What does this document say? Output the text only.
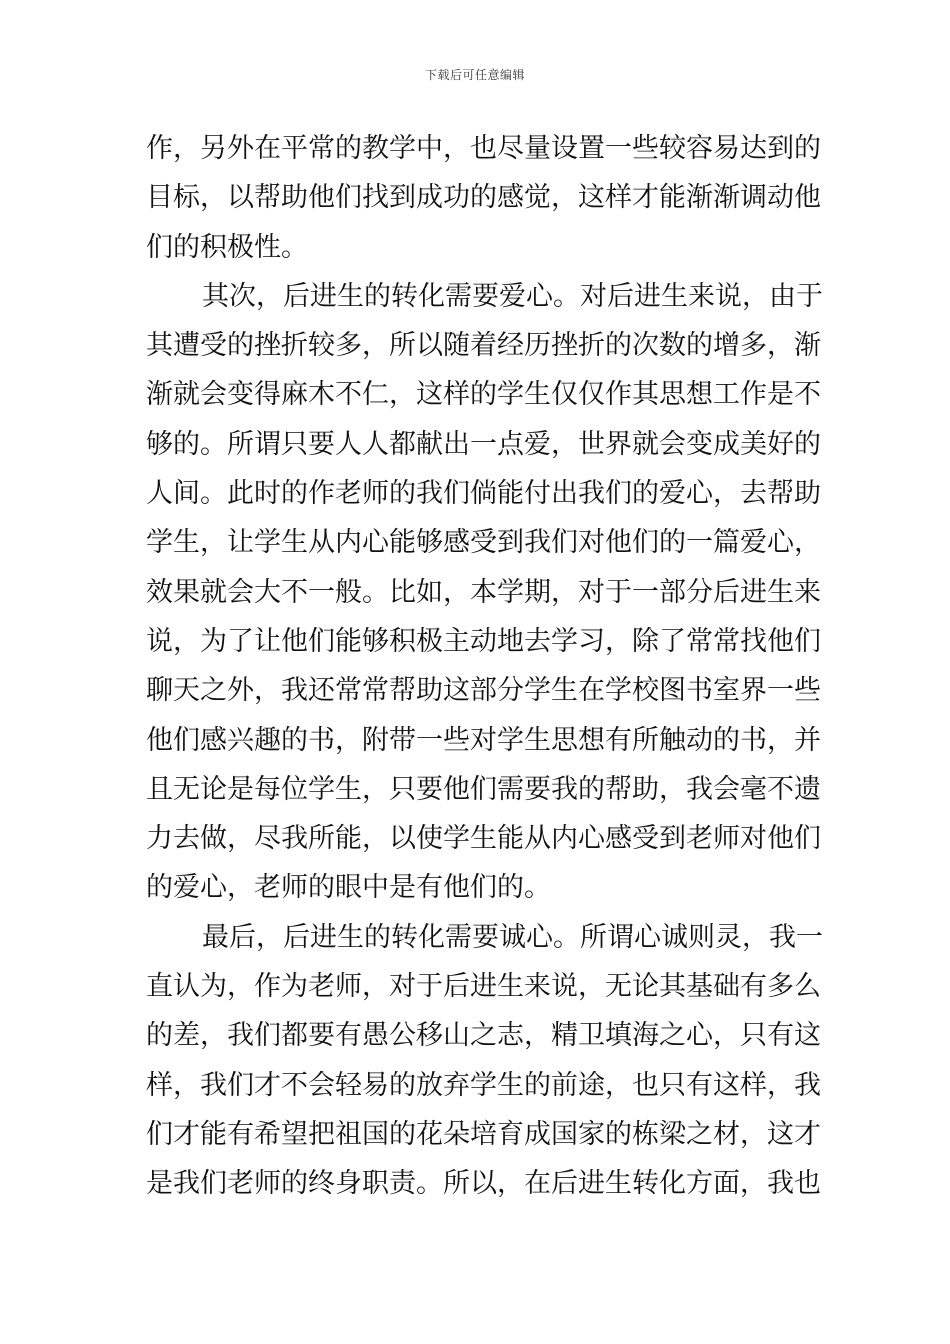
下载后可任意编辑
作，另外在平常的教学中，也尽量设置一些较容易达到的
目标，以帮助他们找到成功的感觉，这样才能渐渐调动他
们的积极性。
其次，后进生的转化需要爱心。对后进生来说，由于
其遭受的挫折较多，所以随着经历挫折的次数的增多，渐
渐就会变得麻木不仁，这样的学生仅仅作其思想工作是不
够的。所谓只要人人都献出一点爱，世界就会变成美好的
人间。此时的作老师的我们倘能付出我们的爱心，去帮助
学生，让学生从内心能够感受到我们对他们的一篇爱心，
效果就会大不一般。比如，本学期，对于一部分后进生来
说，为了让他们能够积极主动地去学习，除了常常找他们
聊天之外，我还常常帮助这部分学生在学校图书室界一些
他们感兴趣的书，附带一些对学生思想有所触动的书，并
且无论是每位学生，只要他们需要我的帮助，我会毫不遗
力去做，尽我所能，以使学生能从内心感受到老师对他们
的爱心，老师的眼中是有他们的。
最后，后进生的转化需要诚心。所谓心诚则灵，我一
直认为，作为老师，对于后进生来说，无论其基础有多么
的差，我们都要有愚公移山之志，精卫填海之心，只有这
样，我们才不会轻易的放弃学生的前途，也只有这样，我
们才能有希望把祖国的花朵培育成国家的栋梁之材，这才
是我们老师的终身职责。所以，在后进生转化方面，我也
